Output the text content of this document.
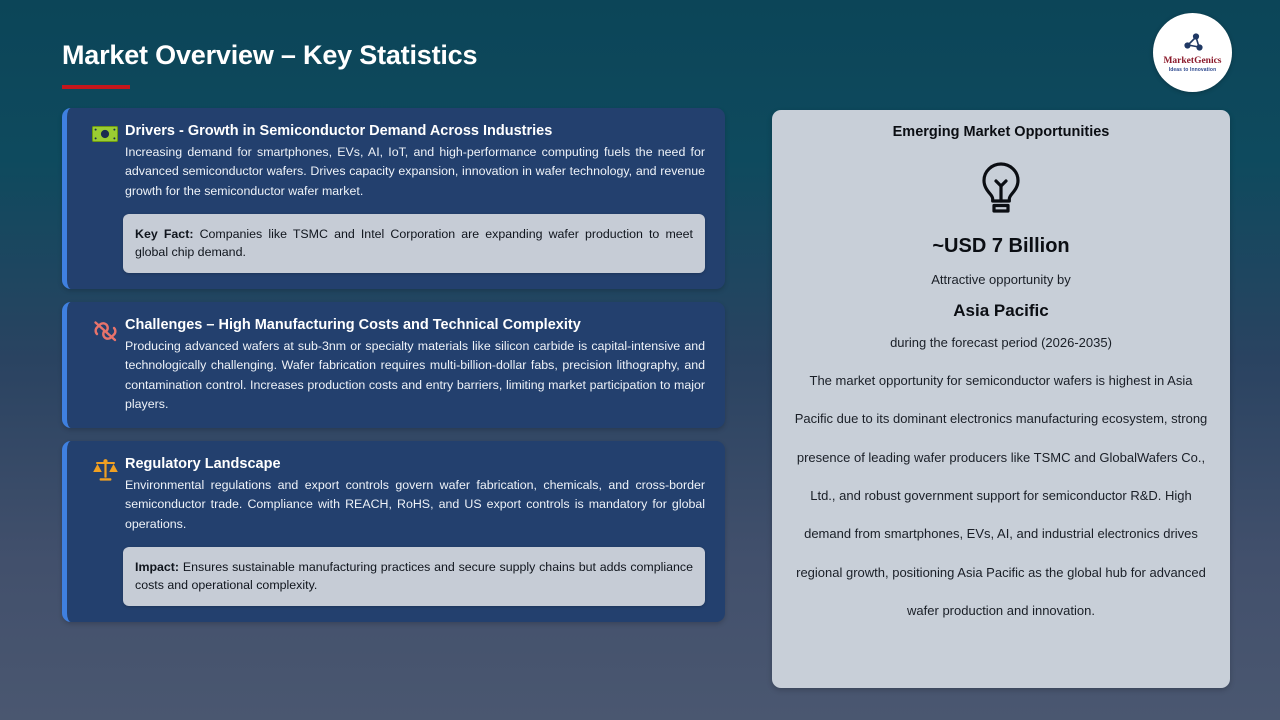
Market Overview – Key Statistics	MarketGenics
Ideas to Innovation
Drivers - Growth in Semiconductor Demand Across Industries
Increasing demand for smartphones, EVs, AI, IoT, and high-performance computing fuels the need for advanced semiconductor wafers. Drives capacity expansion, innovation in wafer technology, and revenue growth for the semiconductor wafer market.
Key Fact: Companies like TSMC and Intel Corporation are expanding wafer production to meet global chip demand.
Challenges – High Manufacturing Costs and Technical Complexity
Producing advanced wafers at sub-3nm or specialty materials like silicon carbide is capital-intensive and technologically challenging. Wafer fabrication requires multi-billion-dollar fabs, precision lithography, and contamination control. Increases production costs and entry barriers, limiting market participation to major players.
Regulatory Landscape
Environmental regulations and export controls govern wafer fabrication, chemicals, and cross-border semiconductor trade. Compliance with REACH, RoHS, and US export controls is mandatory for global operations.
Impact: Ensures sustainable manufacturing practices and secure supply chains but adds compliance costs and operational complexity.
Emerging Market Opportunities
~USD 7 Billion
Attractive opportunity by
Asia Pacific
during the forecast period (2026-2035)
The market opportunity for semiconductor wafers is highest in Asia Pacific due to its dominant electronics manufacturing ecosystem, strong presence of leading wafer producers like TSMC and GlobalWafers Co., Ltd., and robust government support for semiconductor R&D. High demand from smartphones, EVs, AI, and industrial electronics drives regional growth, positioning Asia Pacific as the global hub for advanced wafer production and innovation.
